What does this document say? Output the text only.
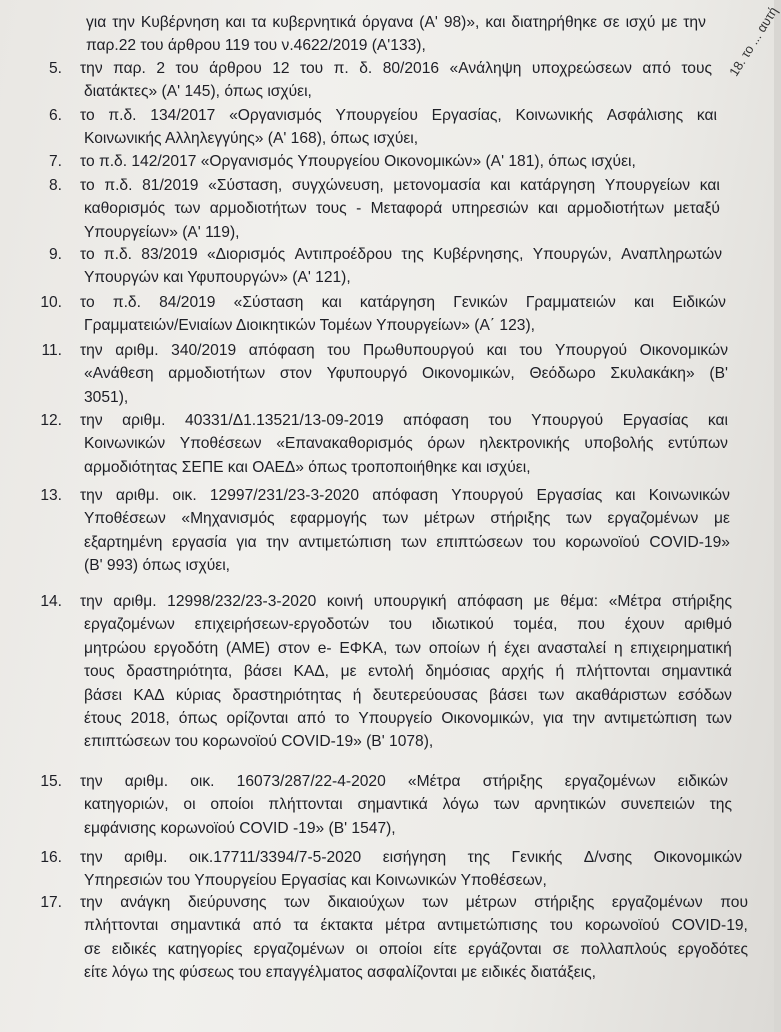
18. το ... αυτή
για την Κυβέρνηση και τα κυβερνητικά όργανα (Α' 98)», και διατηρήθηκε σε ισχύ με την
παρ.22 του άρθρου 119 του ν.4622/2019 (Α'133),
5. την παρ. 2 του άρθρου 12 του π. δ. 80/2016 «Ανάληψη υποχρεώσεων από τους
διατάκτες» (Α' 145), όπως ισχύει,
6. το π.δ. 134/2017 «Οργανισμός Υπουργείου Εργασίας, Κοινωνικής Ασφάλισης και
Κοινωνικής Αλληλεγγύης» (Α' 168), όπως ισχύει,
7. το π.δ. 142/2017 «Οργανισμός Υπουργείου Οικονομικών» (Α' 181), όπως ισχύει,
8. το π.δ. 81/2019 «Σύσταση, συγχώνευση, μετονομασία και κατάργηση Υπουργείων και
καθορισμός των αρμοδιοτήτων τους - Μεταφορά υπηρεσιών και αρμοδιοτήτων μεταξύ
Υπουργείων» (Α' 119),
9. το π.δ. 83/2019 «Διορισμός Αντιπροέδρου της Κυβέρνησης, Υπουργών, Αναπληρωτών
Υπουργών και Υφυπουργών» (Α' 121),
10. το π.δ. 84/2019 «Σύσταση και κατάργηση Γενικών Γραμματειών και Ειδικών
Γραμματειών/Ενιαίων Διοικητικών Τομέων Υπουργείων» (Α΄ 123),
11. την αριθμ. 340/2019 απόφαση του Πρωθυπουργού και του Υπουργού Οικονομικών
«Ανάθεση αρμοδιοτήτων στον Υφυπουργό Οικονομικών, Θεόδωρο Σκυλακάκη» (Β'
3051),
12. την αριθμ. 40331/Δ1.13521/13-09-2019 απόφαση του Υπουργού Εργασίας και
Κοινωνικών Υποθέσεων «Επανακαθορισμός όρων ηλεκτρονικής υποβολής εντύπων
αρμοδιότητας ΣΕΠΕ και ΟΑΕΔ» όπως τροποποιήθηκε και ισχύει,
13. την αριθμ. οικ. 12997/231/23-3-2020 απόφαση Υπουργού Εργασίας και Κοινωνικών
Υποθέσεων «Μηχανισμός εφαρμογής των μέτρων στήριξης των εργαζομένων με
εξαρτημένη εργασία για την αντιμετώπιση των επιπτώσεων του κορωνοϊού COVID-19»
(Β' 993) όπως ισχύει,
14. την αριθμ. 12998/232/23-3-2020 κοινή υπουργική απόφαση με θέμα: «Μέτρα στήριξης
εργαζομένων επιχειρήσεων-εργοδοτών του ιδιωτικού τομέα, που έχουν αριθμό
μητρώου εργοδότη (ΑΜΕ) στον e- ΕΦΚΑ, των οποίων ή έχει ανασταλεί η επιχειρηματική
τους δραστηριότητα, βάσει ΚΑΔ, με εντολή δημόσιας αρχής ή πλήττονται σημαντικά
βάσει ΚΑΔ κύριας δραστηριότητας ή δευτερεύουσας βάσει των ακαθάριστων εσόδων
έτους 2018, όπως ορίζονται από το Υπουργείο Οικονομικών, για την αντιμετώπιση των
επιπτώσεων του κορωνοϊού COVID-19» (Β' 1078),
15. την αριθμ. οικ. 16073/287/22-4-2020 «Μέτρα στήριξης εργαζομένων ειδικών
κατηγοριών, οι οποίοι πλήττονται σημαντικά λόγω των αρνητικών συνεπειών της
εμφάνισης κορωνοϊού COVID -19» (Β' 1547),
16. την αριθμ. οικ.17711/3394/7-5-2020 εισήγηση της Γενικής Δ/νσης Οικονομικών
Υπηρεσιών του Υπουργείου Εργασίας και Κοινωνικών Υποθέσεων,
17. την ανάγκη διεύρυνσης των δικαιούχων των μέτρων στήριξης εργαζομένων που
πλήττονται σημαντικά από τα έκτακτα μέτρα αντιμετώπισης του κορωνοϊού COVID-19,
σε ειδικές κατηγορίες εργαζομένων οι οποίοι είτε εργάζονται σε πολλαπλούς εργοδότες
είτε λόγω της φύσεως του επαγγέλματος ασφαλίζονται με ειδικές διατάξεις,
